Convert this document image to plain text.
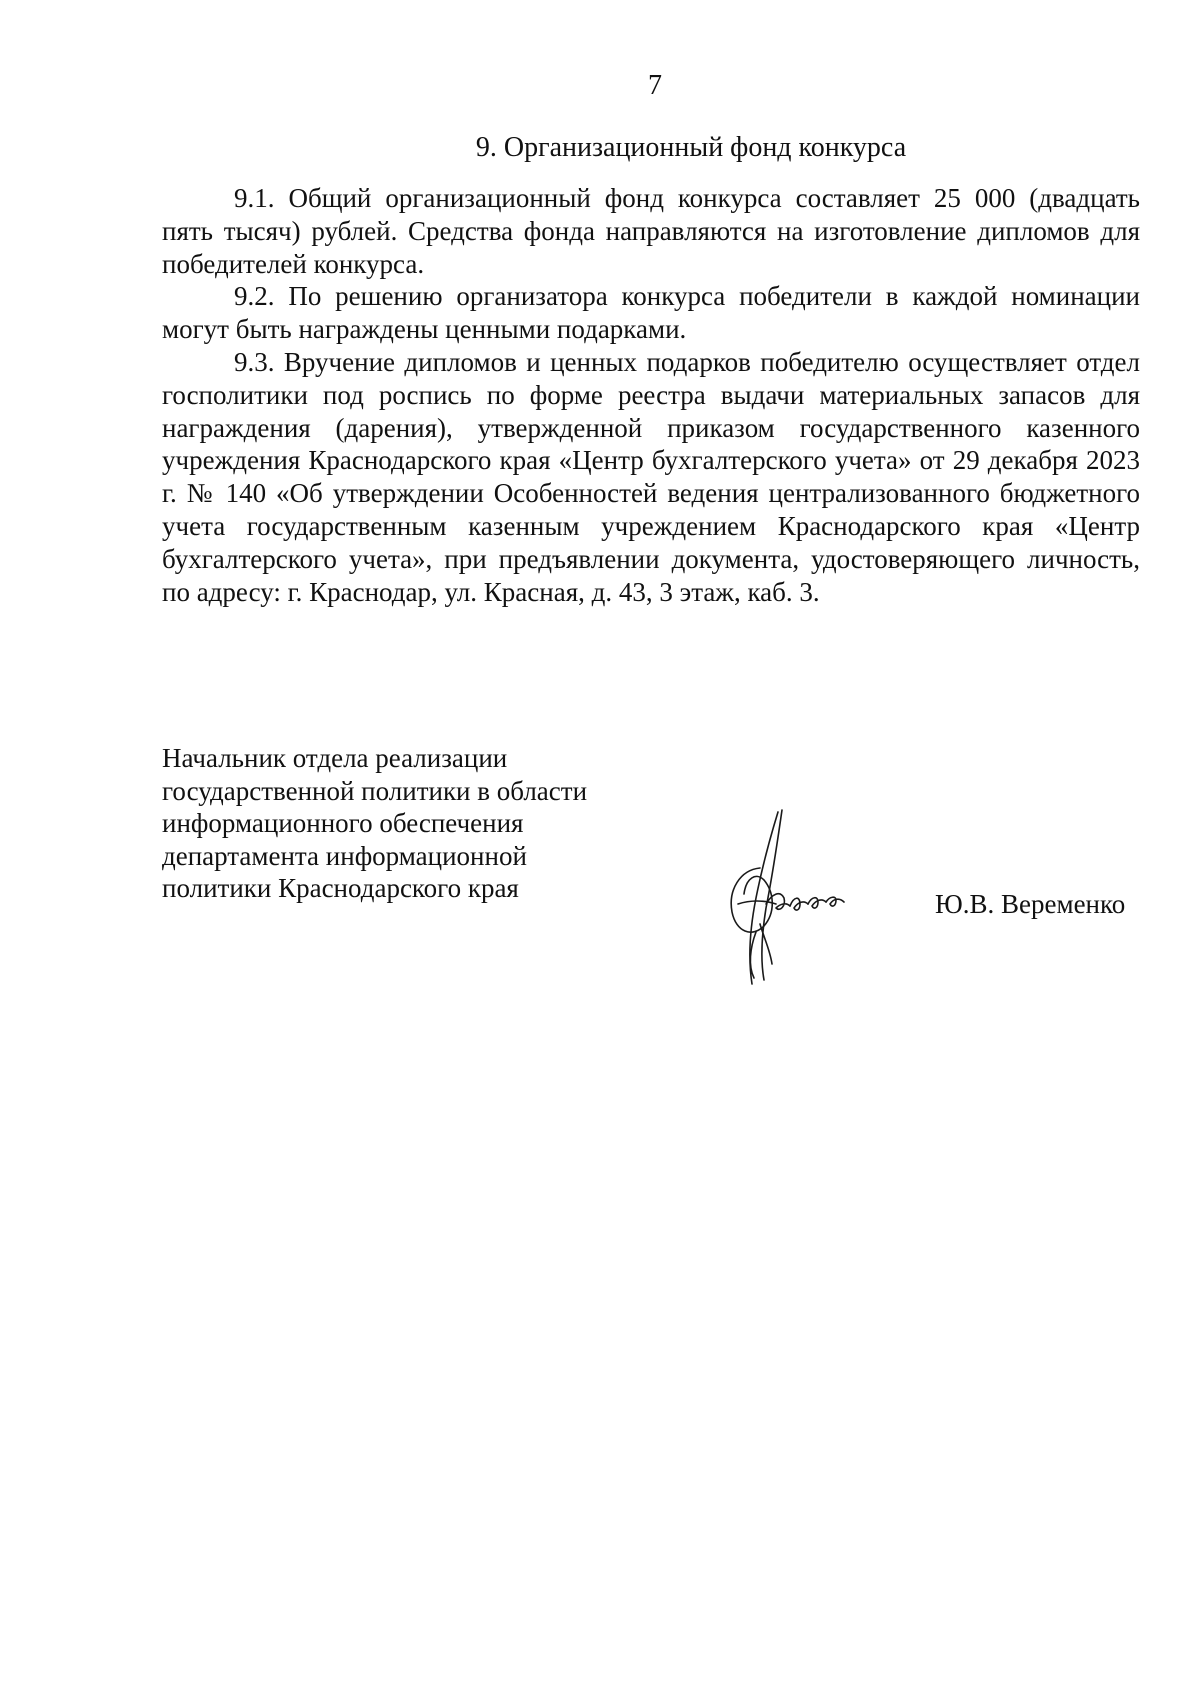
7
9. Организационный фонд конкурса

9.1. Общий организационный фонд конкурса составляет 25 000 (двадцать пять тысяч) рублей. Средства фонда направляются на изготовление дипломов для победителей конкурса.

9.2. По решению организатора конкурса победители в каждой номинации могут быть награждены ценными подарками.

9.3. Вручение дипломов и ценных подарков победителю осуществляет отдел госполитики под роспись по форме реестра выдачи материальных запасов для награждения (дарения), утвержденной приказом государственного казенного учреждения Краснодарского края «Центр бухгалтерского учета» от 29 декабря 2023 г. № 140 «Об утверждении Особенностей ведения централизованного бюджетного учета государственным казенным учреждением Краснодарского края «Центр бухгалтерского учета», при предъявлении документа, удостоверяющего личность, по адресу: г. Краснодар, ул. Красная, д. 43, 3 этаж, каб. 3.

Начальник отдела реализации
государственной политики в области
информационного обеспечения
департамента информационной
политики Краснодарского края
Ю.В. Веременко
